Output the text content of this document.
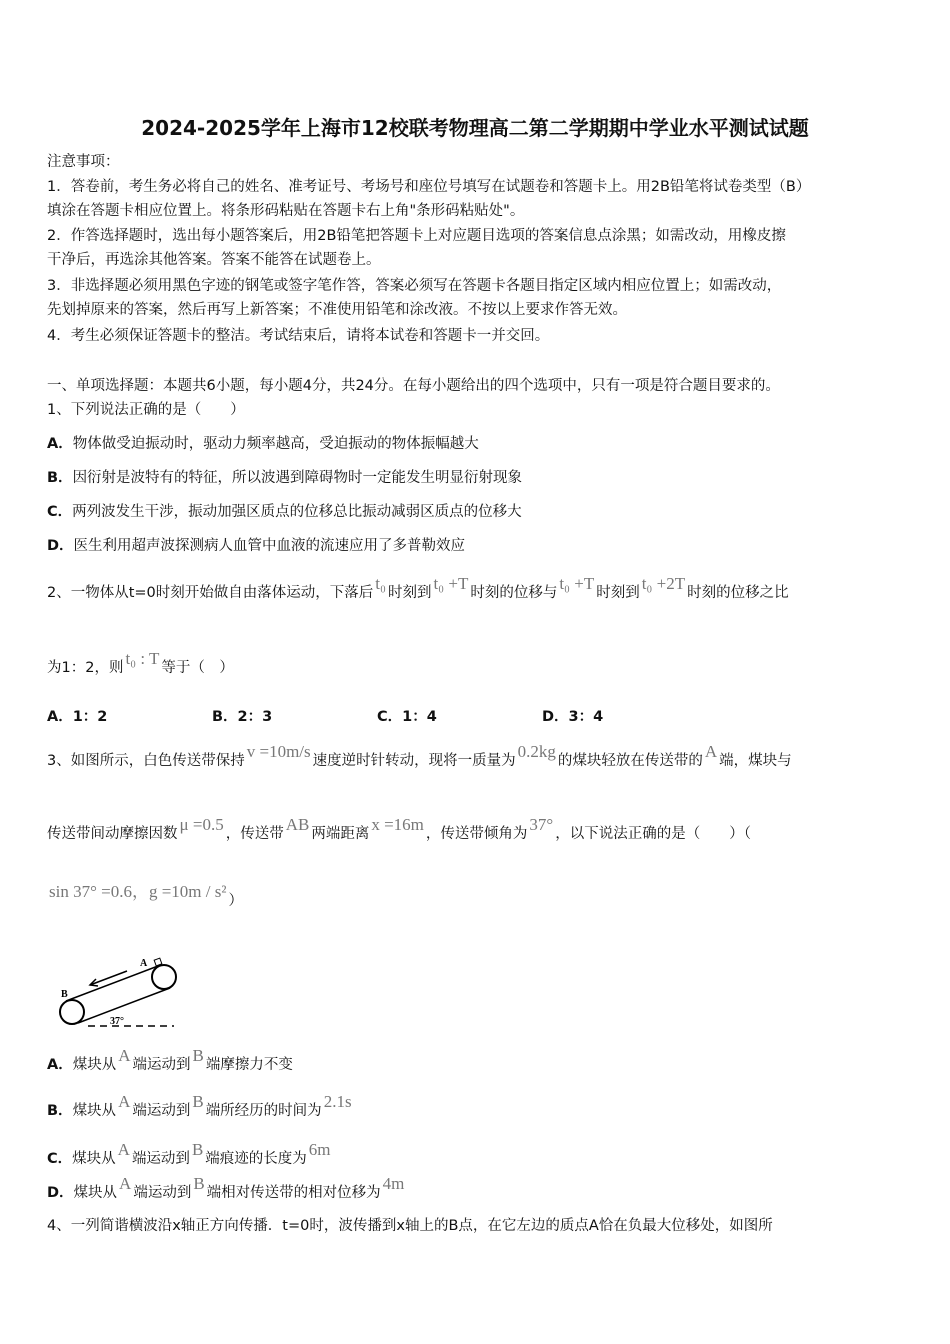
2024-2025学年上海市12校联考物理高二第二学期期中学业水平测试试题
注意事项：
1．答卷前，考生务必将自己的姓名、准考证号、考场号和座位号填写在试题卷和答题卡上。用2B铅笔将试卷类型（B）
填涂在答题卡相应位置上。将条形码粘贴在答题卡右上角"条形码粘贴处"。
2．作答选择题时，选出每小题答案后，用2B铅笔把答题卡上对应题目选项的答案信息点涂黑；如需改动，用橡皮擦
干净后，再选涂其他答案。答案不能答在试题卷上。
3．非选择题必须用黑色字迹的钢笔或签字笔作答，答案必须写在答题卡各题目指定区域内相应位置上；如需改动，
先划掉原来的答案，然后再写上新答案；不准使用铅笔和涂改液。不按以上要求作答无效。
4．考生必须保证答题卡的整洁。考试结束后，请将本试卷和答题卡一并交回。
一、单项选择题：本题共6小题，每小题4分，共24分。在每小题给出的四个选项中，只有一项是符合题目要求的。
1、下列说法正确的是（　　）
A．物体做受迫振动时，驱动力频率越高，受迫振动的物体振幅越大
B．因衍射是波特有的特征，所以波遇到障碍物时一定能发生明显衍射现象
C．两列波发生干涉，振动加强区质点的位移总比振动减弱区质点的位移大
D．医生利用超声波探测病人血管中血液的流速应用了多普勒效应
2、一物体从t=0时刻开始做自由落体运动，下落后 t₀ 时刻到 t₀ +T 时刻的位移与 t₀ +T 时刻到 t₀ +2T 时刻的位移之比
为1：2，则 t₀ : T 等于（　）
3、如图所示，白色传送带保持 v =10m/s 速度逆时针转动，现将一质量为 0.2kg 的煤块轻放在传送带的 A 端，煤块与
传送带间动摩擦因数 μ =0.5 ，传送带 AB 两端距离 x =16m ，传送带倾角为 37° ，以下说法正确的是（　　）（
sin 37° =0.6，g =10m / s² ）
A．煤块从 A 端运动到 B 端摩擦力不变
B．煤块从 A 端运动到 B 端所经历的时间为 2.1s
C．煤块从 A 端运动到 B 端痕迹的长度为 6m
D．煤块从 A 端运动到 B 端相对传送带的相对位移为 4m
4、一列简谐横波沿x轴正方向传播．t=0时，波传播到x轴上的B点，在它左边的质点A恰在负最大位移处，如图所
A．1：2	B．2：3	C．1：4	D．3：4
B
A
37°
